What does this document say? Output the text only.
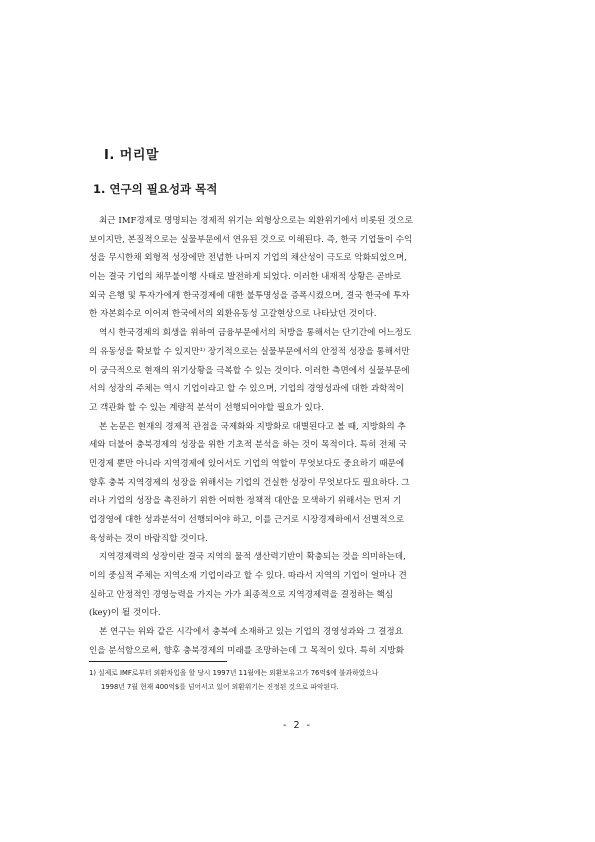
Ⅰ. 머리말
1. 연구의 필요성과 목적
최근 IMF경제로 명명되는 경제적 위기는 외형상으로는 외환위기에서 비롯된 것으로
보이지만, 본질적으로는 실물부문에서 연유된 것으로 이해된다. 즉, 한국 기업들이 수익
성을 무시한채 외형적 성장에만 전념한 나머지 기업의 채산성이 극도로 악화되었으며,
이는 결국 기업의 채무불이행 사태로 발전하게 되었다. 이러한 내재적 상황은 곧바로
외국 은행 및 투자가에게 한국경제에 대한 불투명성을 증폭시켰으며, 결국 한국에 투자
한 자본회수로 이어져 한국에서의 외환유동성 고갈현상으로 나타났던 것이다.
역시 한국경제의 회생을 위하여 금융부문에서의 처방을 통해서는 단기간에 어느정도
의 유동성을 확보할 수 있지만¹⁾ 장기적으로는 실물부문에서의 안정적 성장을 통해서만
이 궁극적으로 현재의 위기상황을 극복할 수 있는 것이다. 이러한 측면에서 실물부문에
서의 성장의 주체는 역시 기업이라고 할 수 있으며, 기업의 경영성과에 대한 과학적이
고 객관화 할 수 있는 계량적 분석이 선행되어야할 필요가 있다.
본 논문은 현재의 경제적 관점을 국제화와 지방화로 대별된다고 볼 때, 지방화의 추
세와 더불어 충북경제의 성장을 위한 기초적 분석을 하는 것이 목적이다. 특히 전체 국
민경제 뿐만 아니라 지역경제에 있어서도 기업의 역할이 무엇보다도 중요하기 때문에
향후 충북 지역경제의 성장을 위해서는 기업의 건실한 성장이 무엇보다도 필요하다. 그
러나 기업의 성장을 촉진하기 위한 어떠한 정책적 대안을 모색하기 위해서는 먼저 기
업경영에 대한 성과분석이 선행되어야 하고, 이를 근거로 시장경제하에서 선별적으로
육성하는 것이 바람직할 것이다.
지역경제력의 성장이란 결국 지역의 물적 생산력기반이 확충되는 것을 의미하는데,
이의 중심적 주체는 지역소재 기업이라고 할 수 있다. 따라서 지역의 기업이 얼마나 견
실하고 안정적인 경영능력을 가지는 가가 최종적으로 지역경제력을 결정하는 핵심
(key)이 될 것이다.
본 연구는 위와 같은 시각에서 충북에 소재하고 있는 기업의 경영성과와 그 결정요
인을 분석함으로써, 향후 충북경제의 미래를 조망하는데 그 목적이 있다. 특히 지방화
1) 실제로 IMF로부터 외환차입을 할 당시 1997년 11월에는 외환보유고가 76억$에 불과하였으나
1998년 7월 현재 400억$를 넘어서고 있어 외환위기는 진정된 것으로 파악된다.
- 2 -
